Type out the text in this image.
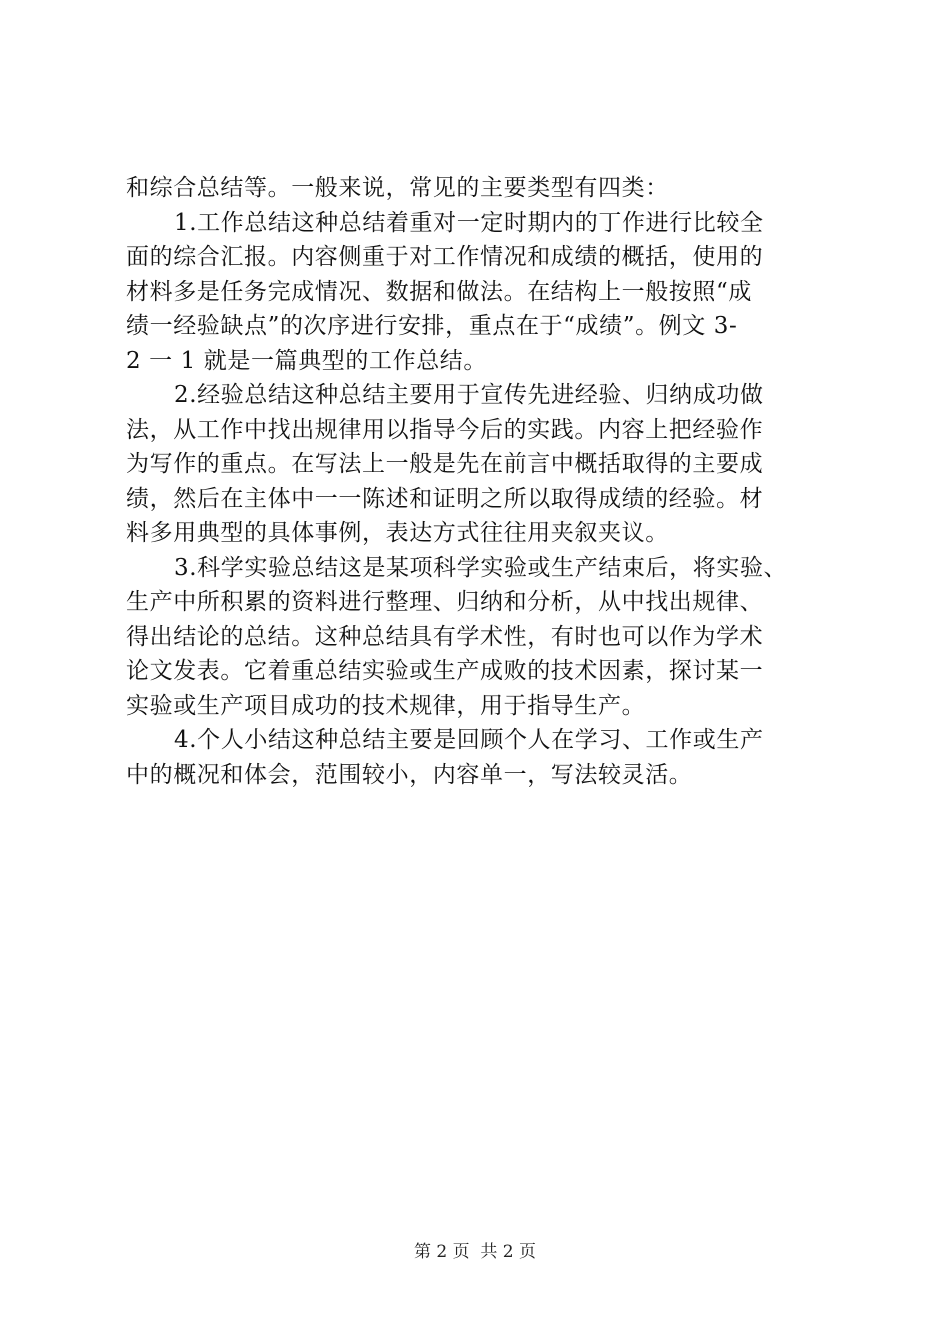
和综合总结等。一般来说，常见的主要类型有四类：
1.工作总结这种总结着重对一定时期内的丁作进行比较全
面的综合汇报。内容侧重于对工作情况和成绩的概括，使用的
材料多是任务完成情况、数据和做法。在结构上一般按照“成
绩一经验缺点”的次序进行安排，重点在于“成绩”。例文 3-
2 一 1 就是一篇典型的工作总结。
2.经验总结这种总结主要用于宣传先进经验、归纳成功做
法，从工作中找出规律用以指导今后的实践。内容上把经验作
为写作的重点。在写法上一般是先在前言中概括取得的主要成
绩，然后在主体中一一陈述和证明之所以取得成绩的经验。材
料多用典型的具体事例，表达方式往往用夹叙夹议。
3.科学实验总结这是某项科学实验或生产结束后，将实验、
生产中所积累的资料进行整理、归纳和分析，从中找出规律、
得出结论的总结。这种总结具有学术性，有时也可以作为学术
论文发表。它着重总结实验或生产成败的技术因素，探讨某一
实验或生产项目成功的技术规律，用于指导生产。
4.个人小结这种总结主要是回顾个人在学习、工作或生产
中的概况和体会，范围较小，内容单一，写法较灵活。
第 2 页  共 2 页
